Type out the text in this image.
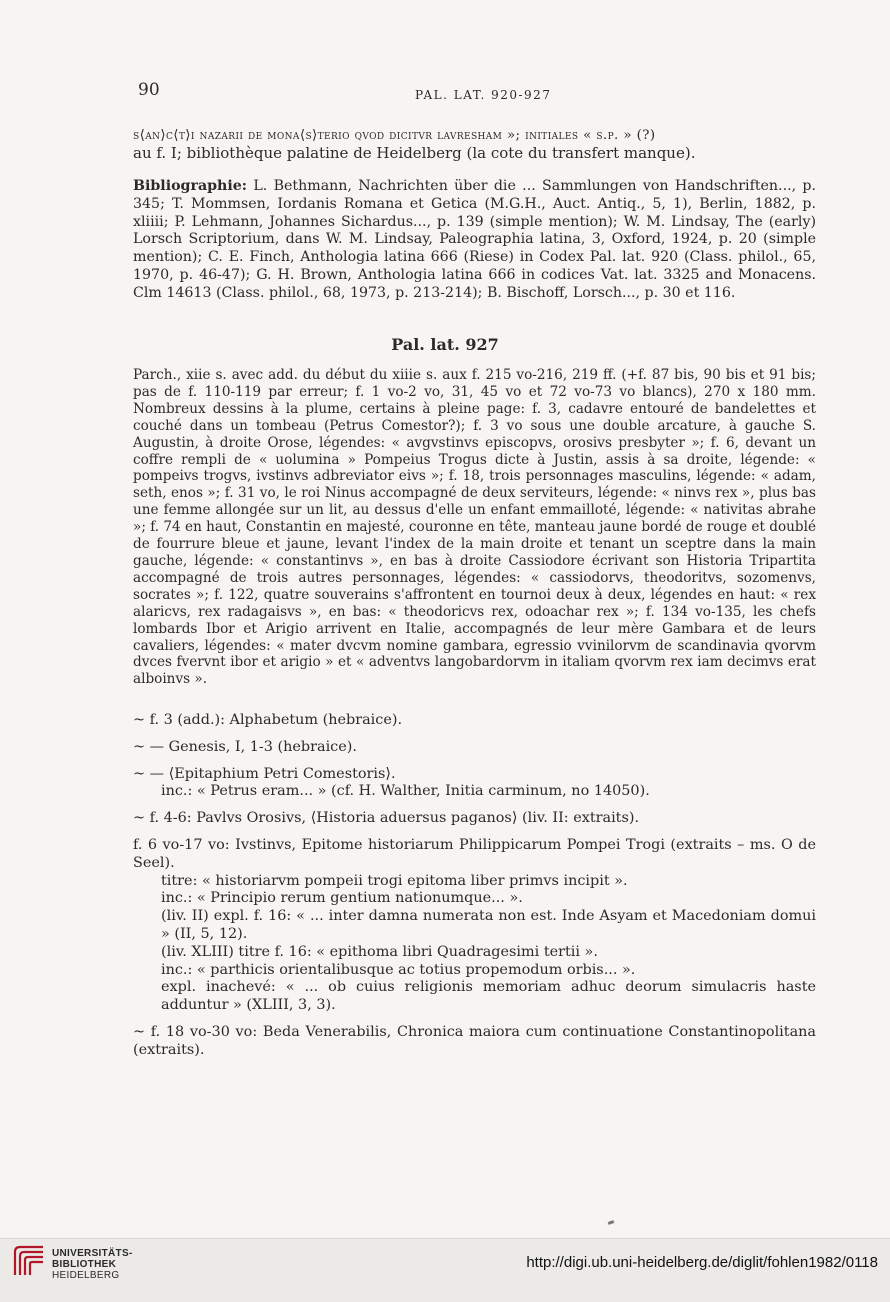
90	PAL. LAT. 920-927

s⟨an⟩c⟨t⟩i nazarii de mona⟨s⟩terio qvod dicitvr lavresham »; initiales « s.p. » (?)

au f. I; bibliothèque palatine de Heidelberg (la cote du transfert manque).

Bibliographie: L. Bethmann, Nachrichten über die ... Sammlungen von Handschriften..., p. 345; T. Mommsen, Iordanis Romana et Getica (M.G.H., Auct. Antiq., 5, 1), Berlin, 1882, p. xliiii; P. Lehmann, Johannes Sichardus..., p. 139 (simple mention); W. M. Lindsay, The (early) Lorsch Scriptorium, dans W. M. Lindsay, Paleographia latina, 3, Oxford, 1924, p. 20 (simple mention); C. E. Finch, Anthologia latina 666 (Riese) in Codex Pal. lat. 920 (Class. philol., 65, 1970, p. 46-47); G. H. Brown, Anthologia latina 666 in codices Vat. lat. 3325 and Monacens. Clm 14613 (Class. philol., 68, 1973, p. 213-214); B. Bischoff, Lorsch..., p. 30 et 116.
Pal. lat. 927
Parch., xiie s. avec add. du début du xiiie s. aux f. 215 vo-216, 219 ff. (+f. 87 bis, 90 bis et 91 bis; pas de f. 110-119 par erreur; f. 1 vo-2 vo, 31, 45 vo et 72 vo-73 vo blancs), 270 x 180 mm. Nombreux dessins à la plume, certains à pleine page: f. 3, cadavre entouré de bandelettes et couché dans un tombeau (Petrus Comestor?); f. 3 vo sous une double arcature, à gauche S. Augustin, à droite Orose, légendes: « avgvstinvs episcopvs, orosivs presbyter »; f. 6, devant un coffre rempli de « uolumina » Pompeius Trogus dicte à Justin, assis à sa droite, légende: « pompeivs trogvs, ivstinvs adbreviator eivs »; f. 18, trois personnages masculins, légende: « adam, seth, enos »; f. 31 vo, le roi Ninus accompagné de deux serviteurs, légende: « ninvs rex », plus bas une femme allongée sur un lit, au dessus d'elle un enfant emmailloté, légende: « nativitas abrahe »; f. 74 en haut, Constantin en majesté, couronne en tête, manteau jaune bordé de rouge et doublé de fourrure bleue et jaune, levant l'index de la main droite et tenant un sceptre dans la main gauche, légende: « constantinvs », en bas à droite Cassiodore écrivant son Historia Tripartita accompagné de trois autres personnages, légendes: « cassiodorvs, theodoritvs, sozomenvs, socrates »; f. 122, quatre souverains s'affrontent en tournoi deux à deux, légendes en haut: « rex alaricvs, rex radagaisvs », en bas: « theodoricvs rex, odoachar rex »; f. 134 vo-135, les chefs lombards Ibor et Arigio arrivent en Italie, accompagnés de leur mère Gambara et de leurs cavaliers, légendes: « mater dvcvm nomine gambara, egressio vvinilorvm de scandinavia qvorvm dvces fvervnt ibor et arigio » et « adventvs langobardorvm in italiam qvorvm rex iam decimvs erat alboinvs ».
~ f. 3 (add.): Alphabetum (hebraice).
~ — Genesis, I, 1-3 (hebraice).
~ — ⟨Epitaphium Petri Comestoris⟩.
inc.: « Petrus eram... » (cf. H. Walther, Initia carminum, no 14050).
~ f. 4-6: Pavlvs Orosivs, ⟨Historia aduersus paganos⟩ (liv. II: extraits).
f. 6 vo-17 vo: Ivstinvs, Epitome historiarum Philippicarum Pompei Trogi (extraits – ms. O de Seel).
titre: « historiarvm pompeii trogi epitoma liber primvs incipit ».
inc.: « Principio rerum gentium nationumque... ».
(liv. II) expl. f. 16: « ... inter damna numerata non est. Inde Asyam et Macedoniam domui » (II, 5, 12).
(liv. XLIII) titre f. 16: « epithoma libri Quadragesimi tertii ».
inc.: « parthicis orientalibusque ac totius propemodum orbis... ».
expl. inachevé: « ... ob cuius religionis memoriam adhuc deorum simulacris haste adduntur » (XLIII, 3, 3).
~ f. 18 vo-30 vo: Beda Venerabilis, Chronica maiora cum continuatione Constantinopolitana (extraits).
UNIVERSITÄTS-
BIBLIOTHEK
HEIDELBERG
http://digi.ub.uni-heidelberg.de/diglit/fohlen1982/0118
